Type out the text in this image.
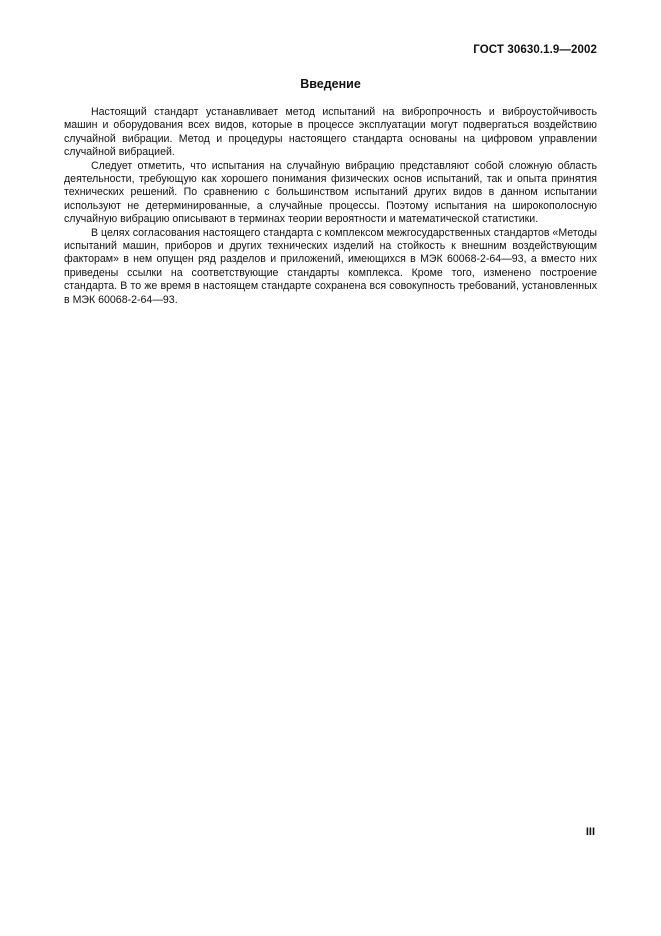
ГОСТ 30630.1.9—2002
Введение

Настоящий стандарт устанавливает метод испытаний на вибропрочность и виброустойчивость машин и оборудования всех видов, которые в процессе эксплуатации могут подвергаться воздействию случайной вибрации. Метод и процедуры настоящего стандарта основаны на цифровом управлении случайной вибрацией.

Следует отметить, что испытания на случайную вибрацию представляют собой сложную область деятельности, требующую как хорошего понимания физических основ испытаний, так и опыта принятия технических решений. По сравнению с большинством испытаний других видов в данном испытании используют не детерминированные, а случайные процессы. Поэтому испытания на широкополосную случайную вибрацию описывают в терминах теории вероятности и математической статистики.

В целях согласования настоящего стандарта с комплексом межгосударственных стандартов «Методы испытаний машин, приборов и других технических изделий на стойкость к внешним воздействующим факторам» в нем опущен ряд разделов и приложений, имеющихся в МЭК 60068-2-64—93, а вместо них приведены ссылки на соответствующие стандарты комплекса. Кроме того, изменено построение стандарта. В то же время в настоящем стандарте сохранена вся совокупность требований, установленных в МЭК 60068-2-64—93.

III
